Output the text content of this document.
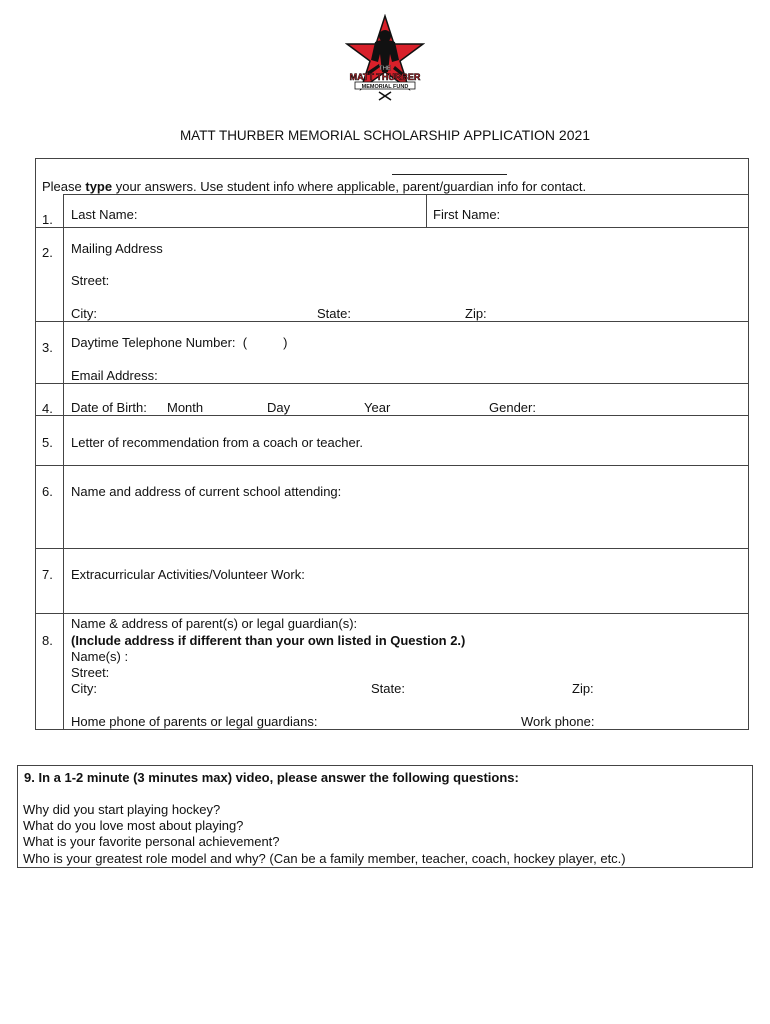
THE
MATT THURBER
MEMORIAL FUND
MATT THURBER MEMORIAL SCHOLARSHIP APPLICATION 2021
Please type your answers. Use student info where applicable, parent/guardian info for contact.
1. Last Name:	First Name:
2. Mailing Address
Street:
City:	State:	Zip:
3. Daytime Telephone Number:  (          )
Email Address:
4. Date of Birth: Month	Day	Year	Gender:
5. Letter of recommendation from a coach or teacher.
6. Name and address of current school attending:
7. Extracurricular Activities/Volunteer Work:
8.
Name & address of parent(s) or legal guardian(s):
(Include address if different than your own listed in Question 2.)
Name(s) :
Street:
City:	State:	Zip:
Home phone of parents or legal guardians:	Work phone:
9. In a 1-2 minute (3 minutes max) video, please answer the following questions:
Why did you start playing hockey?
What do you love most about playing?
What is your favorite personal achievement?
Who is your greatest role model and why? (Can be a family member, teacher, coach, hockey player, etc.)
